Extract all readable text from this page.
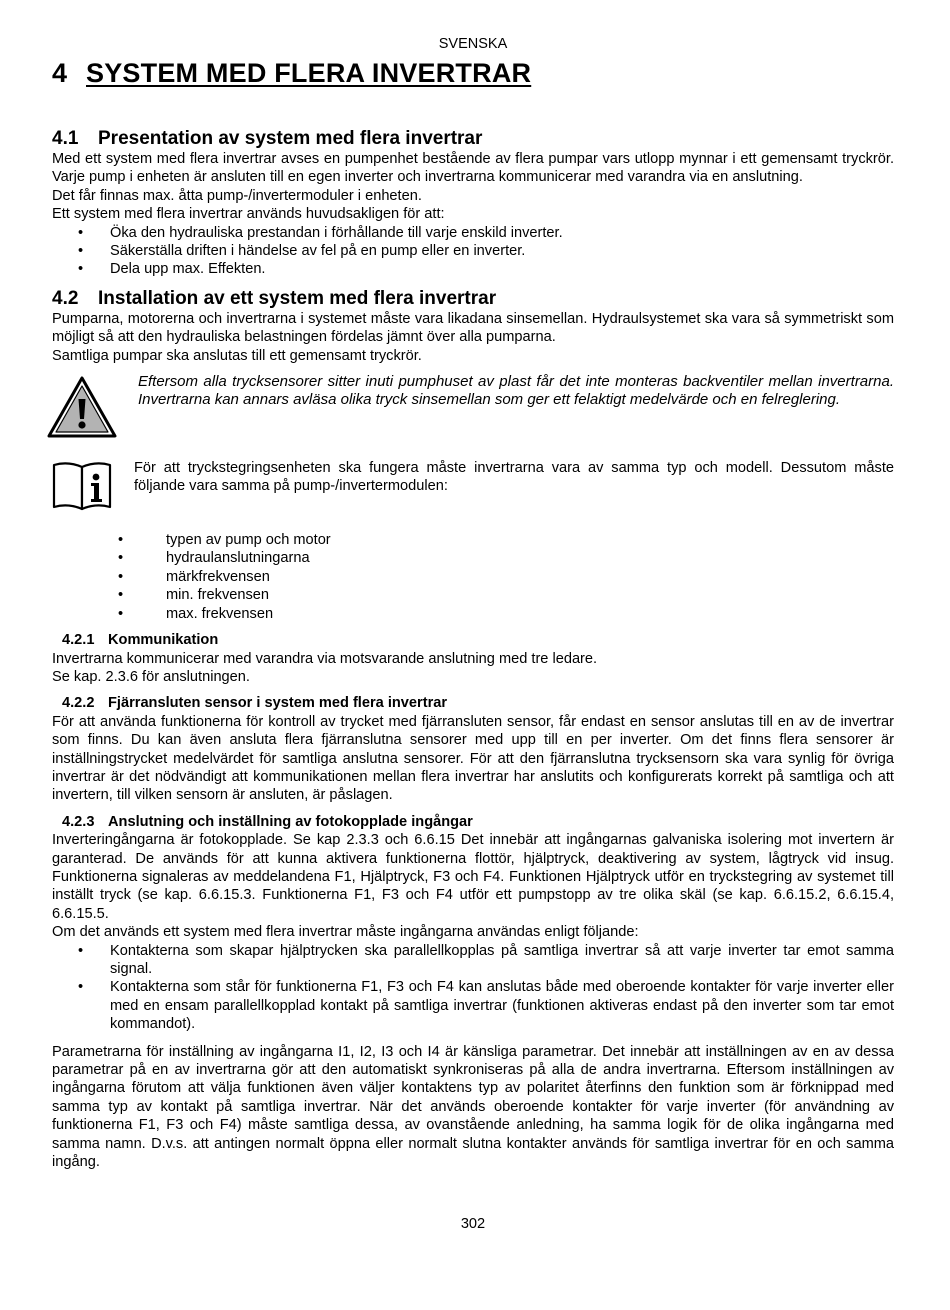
SVENSKA
4 SYSTEM MED FLERA INVERTRAR
4.1 Presentation av system med flera invertrar

Med ett system med flera invertrar avses en pumpenhet bestående av flera pumpar vars utlopp mynnar i ett gemensamt tryckrör. Varje pump i enheten är ansluten till en egen inverter och invertrarna kommunicerar med varandra via en anslutning.

Det får finnas max. åtta pump-/invertermoduler i enheten.

Ett system med flera invertrar används huvudsakligen för att:

• Öka den hydrauliska prestandan i förhållande till varje enskild inverter.
• Säkerställa driften i händelse av fel på en pump eller en inverter.
• Dela upp max. Effekten.
4.2 Installation av ett system med flera invertrar

Pumparna, motorerna och invertrarna i systemet måste vara likadana sinsemellan. Hydraulsystemet ska vara så symmetriskt som möjligt så att den hydrauliska belastningen fördelas jämnt över alla pumparna.

Samtliga pumpar ska anslutas till ett gemensamt tryckrör.

Eftersom alla trycksensorer sitter inuti pumphuset av plast får det inte monteras backventiler mellan invertrarna. Invertrarna kan annars avläsa olika tryck sinsemellan som ger ett felaktigt medelvärde och en felreglering.
För att tryckstegringsenheten ska fungera måste invertrarna vara av samma typ och modell. Dessutom måste följande vara samma på pump-/invertermodulen:
• typen av pump och motor
• hydraulanslutningarna
• märkfrekvensen
• min. frekvensen
• max. frekvensen
4.2.1 Kommunikation

Invertrarna kommunicerar med varandra via motsvarande anslutning med tre ledare.

Se kap. 2.3.6 för anslutningen.

4.2.2 Fjärransluten sensor i system med flera invertrar

För att använda funktionerna för kontroll av trycket med fjärransluten sensor, får endast en sensor anslutas till en av de invertrar som finns. Du kan även ansluta flera fjärranslutna sensorer med upp till en per inverter. Om det finns flera sensorer är inställningstrycket medelvärdet för samtliga anslutna sensorer. För att den fjärranslutna trycksensorn ska vara synlig för övriga invertrar är det nödvändigt att kommunikationen mellan flera invertrar har anslutits och konfigurerats korrekt på samtliga och att invertern, till vilken sensorn är ansluten, är påslagen.

4.2.3 Anslutning och inställning av fotokopplade ingångar

Inverteringångarna är fotokopplade. Se kap 2.3.3 och 6.6.15 Det innebär att ingångarnas galvaniska isolering mot invertern är garanterad. De används för att kunna aktivera funktionerna flottör, hjälptryck, deaktivering av system, lågtryck vid insug. Funktionerna signaleras av meddelandena F1, Hjälptryck, F3 och F4. Funktionen Hjälptryck utför en tryckstegring av systemet till inställt tryck (se kap. 6.6.15.3. Funktionerna F1, F3 och F4 utför ett pumpstopp av tre olika skäl (se kap. 6.6.15.2, 6.6.15.4, 6.6.15.5.

Om det används ett system med flera invertrar måste ingångarna användas enligt följande:

• Kontakterna som skapar hjälptrycken ska parallellkopplas på samtliga invertrar så att varje inverter tar emot samma signal.
• Kontakterna som står för funktionerna F1, F3 och F4 kan anslutas både med oberoende kontakter för varje inverter eller med en ensam parallellkopplad kontakt på samtliga invertrar (funktionen aktiveras endast på den inverter som tar emot kommandot).

Parametrarna för inställning av ingångarna I1, I2, I3 och I4 är känsliga parametrar. Det innebär att inställningen av en av dessa parametrar på en av invertrarna gör att den automatiskt synkroniseras på alla de andra invertrarna. Eftersom inställningen av ingångarna förutom att välja funktionen även väljer kontaktens typ av polaritet återfinns den funktion som är förknippad med samma typ av kontakt på samtliga invertrar. När det används oberoende kontakter för varje inverter (för användning av funktionerna F1, F3 och F4) måste samtliga dessa, av ovanstående anledning, ha samma logik för de olika ingångarna med samma namn. D.v.s. att antingen normalt öppna eller normalt slutna kontakter används för samtliga invertrar för en och samma ingång.

302
